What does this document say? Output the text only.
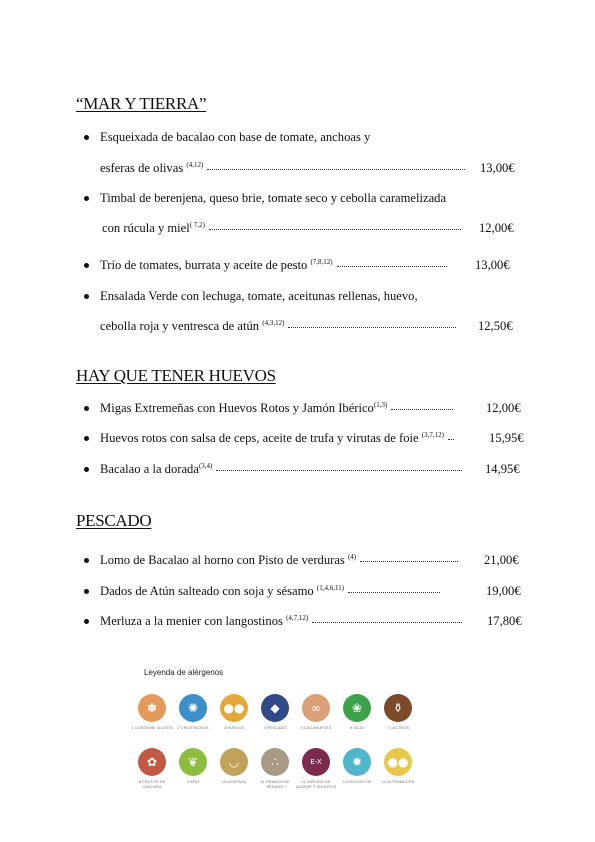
“MAR Y TIERRA”
Esqueixada de bacalao con base de tomate, anchoas y
esferas de olivas $^{(4,12)}$	13,00€
Timbal de berenjena, queso brie, tomate seco y cebolla caramelizada
con rúcula y miel$^{( 7,2)}$	12,00€
Trío de tomates, burrata y aceite de pesto $^{(7,8,12)}$	13,00€
Ensalada Verde con lechuga, tomate, aceitunas rellenas, huevo,
cebolla roja y ventresca de atún $^{(4,3,12)}$	12,50€
HAY QUE TENER HUEVOS
Migas Extremeñas con Huevos Rotos y Jamón Ibérico$^{(1,3)}$	12,00€
Huevos rotos con salsa de ceps, aceite de trufa y virutas de foie $^{(3,7,12)}$	15,95€
Bacalao a la dorada$^{(3,4)}$	14,95€
PESCADO
Lomo de Bacalao al horno con Pisto de verduras $^{(4)}$	21,00€
Dados de Atún salteado con soja y sésamo $^{(1,4,6,11)}$	19,00€
Merluza a la menier con langostinos $^{(4,7,12)}$	17,80€
Leyenda de alérgenos
✽
1 CONTIENE GLUTEN
✺
2 CRUSTÁCEOS
●●
3 HUEVOS
◆
4 PESCADO
∞
5 CACAHUETES
❀
6 SOJA
⚱
7 LÁCTEOS
✿
8 FRUTOS DE CÁSCARA
❦
9 APIO
◡
10 MOSTAZA
∴
11 GRANOS DE SÉSAMO
E-X
12 DIÓXIDO DE AZUFRE Y SULFITOS
✹
13 MOLUSCOS
●●
14 ALTRAMUCES
